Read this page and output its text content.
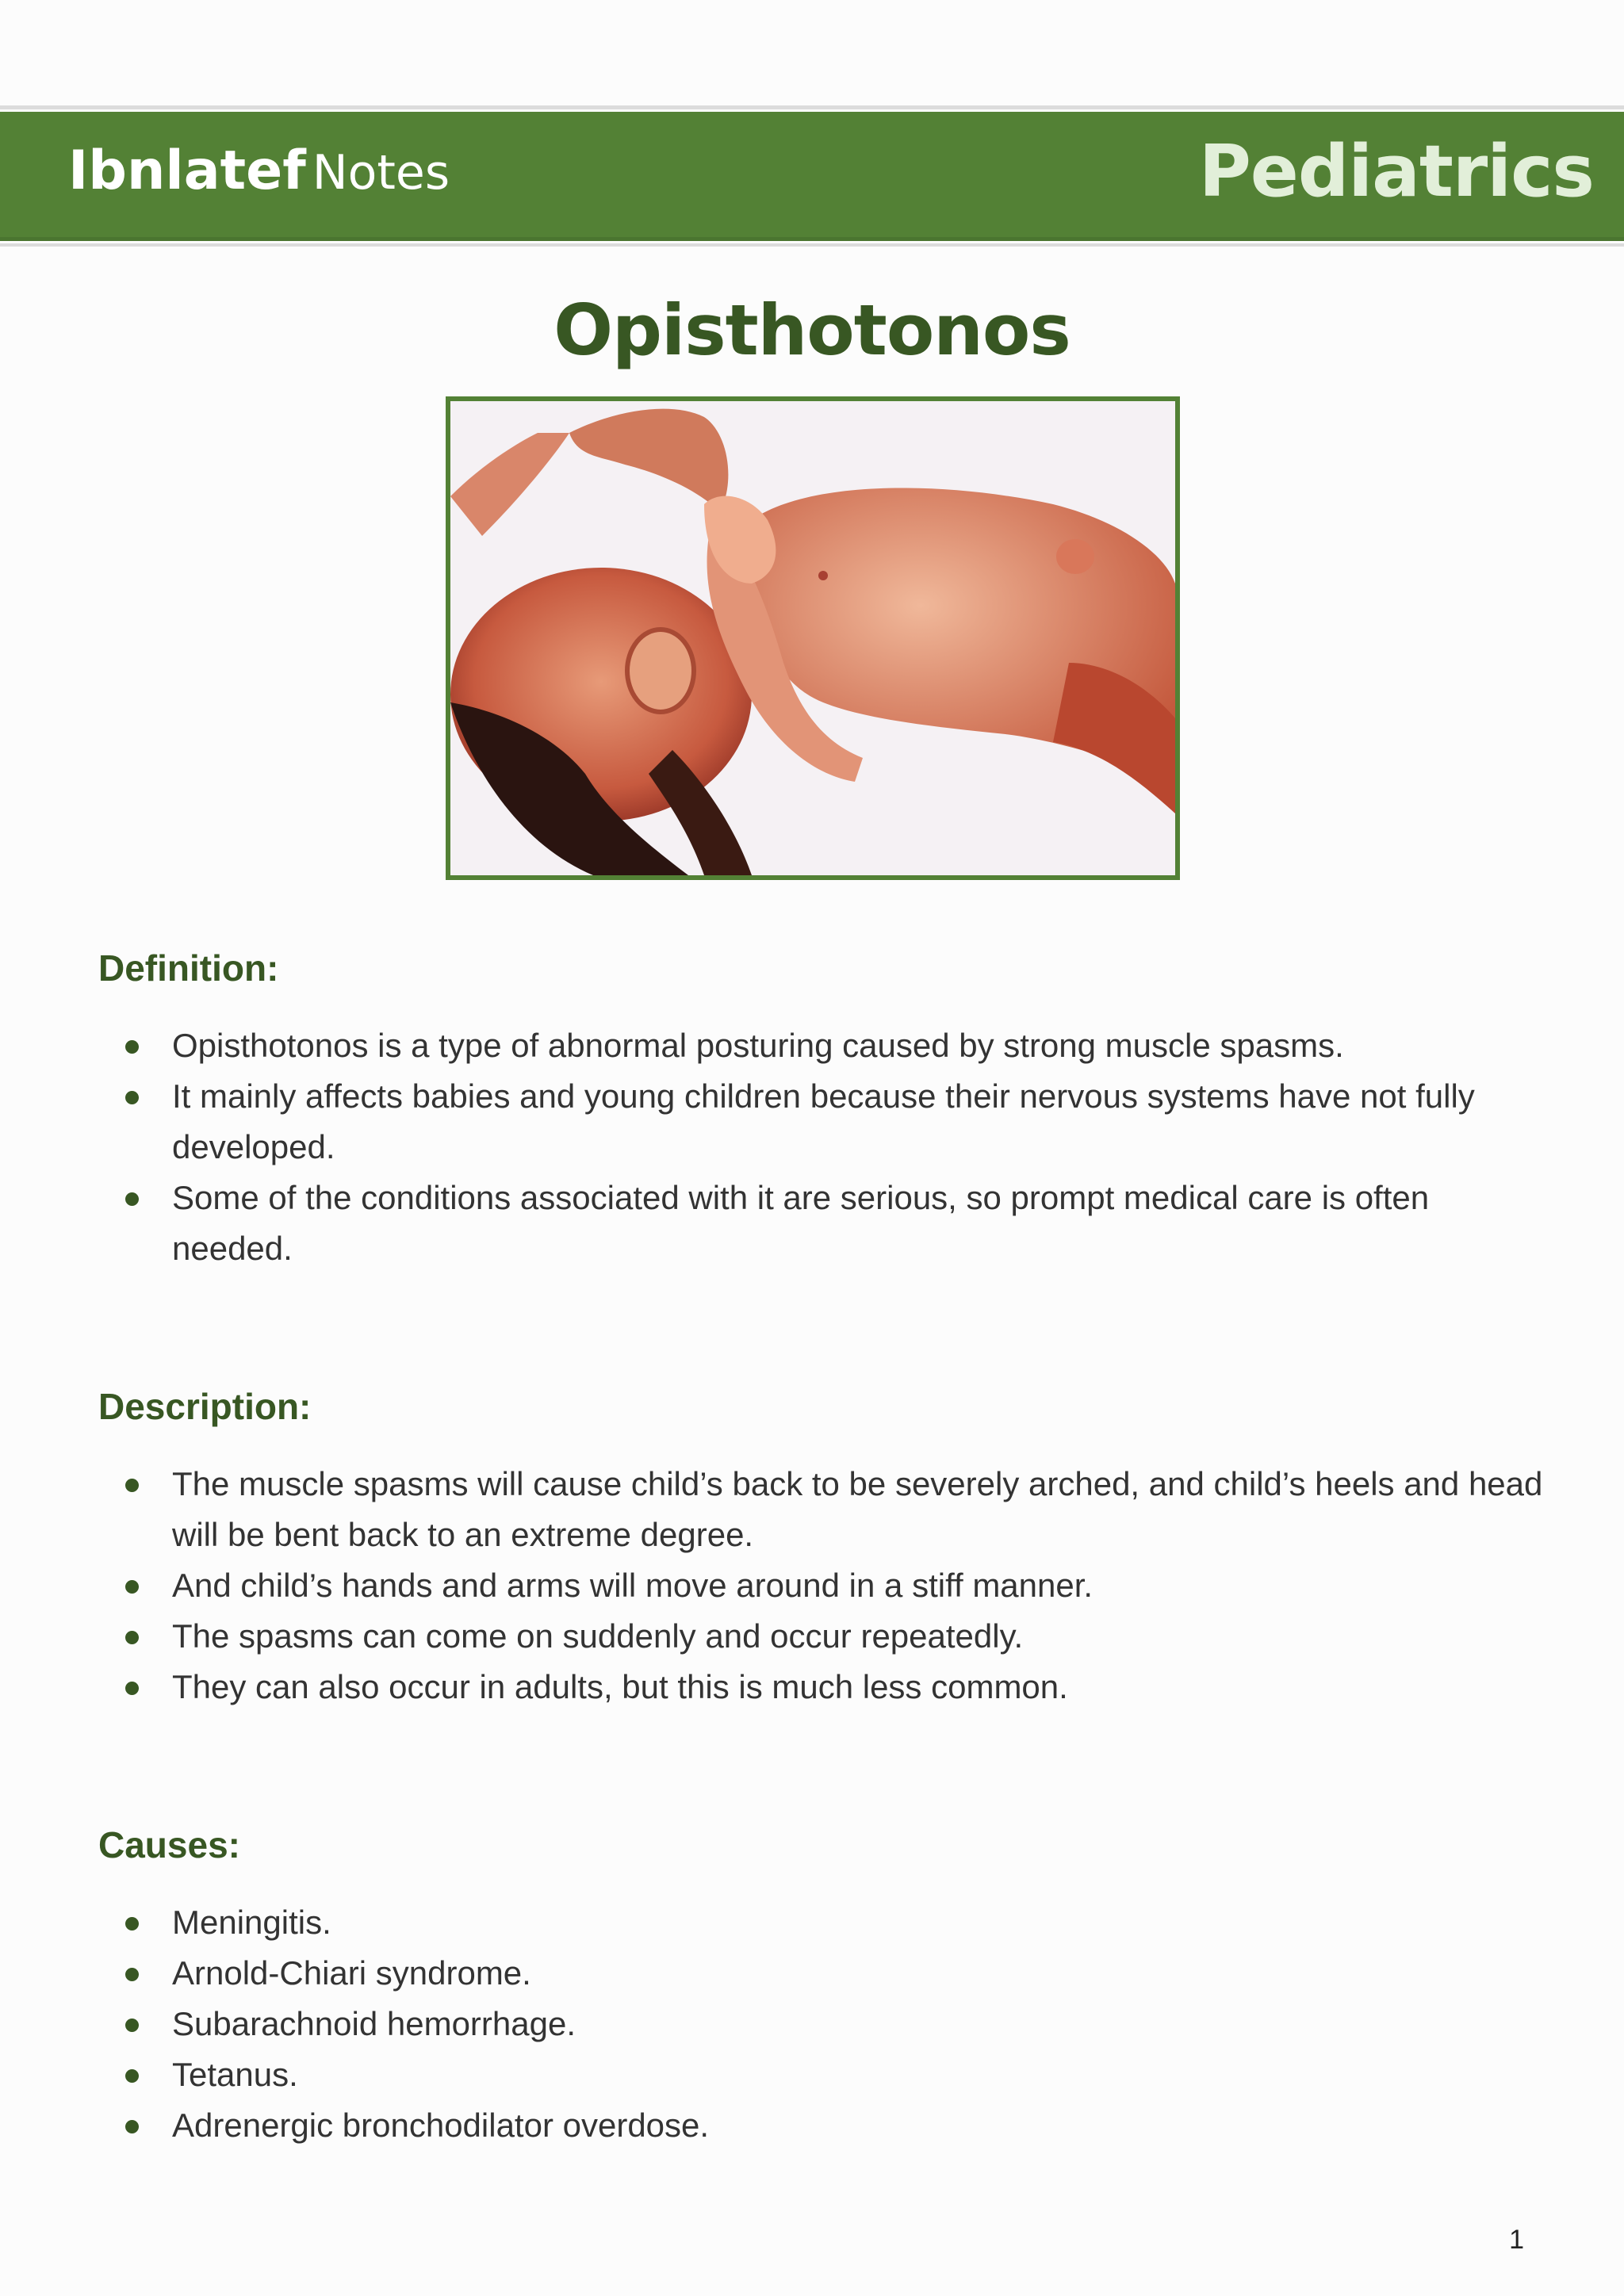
Ibnlatef Notes	Pediatrics
Opisthotonos
Definition:
Opisthotonos is a type of abnormal posturing caused by strong muscle spasms.
It mainly affects babies and young children because their nervous systems have not fully developed.
Some of the conditions associated with it are serious, so prompt medical care is often needed.
Description:
The muscle spasms will cause child’s back to be severely arched, and child’s heels and head will be bent back to an extreme degree.
And child’s hands and arms will move around in a stiff manner.
The spasms can come on suddenly and occur repeatedly.
They can also occur in adults, but this is much less common.
Causes:
Meningitis.
Arnold-Chiari syndrome.
Subarachnoid hemorrhage.
Tetanus.
Adrenergic bronchodilator overdose.
1
